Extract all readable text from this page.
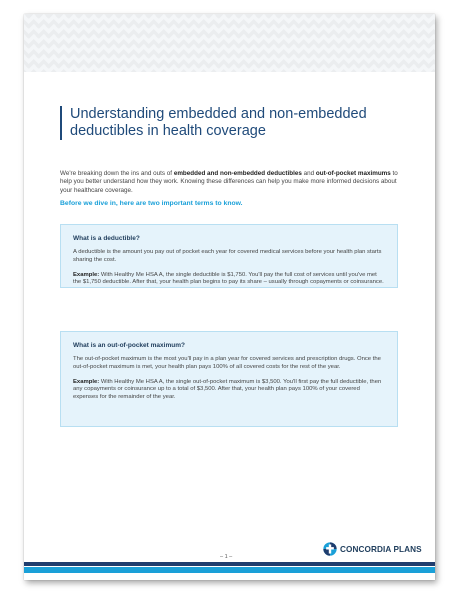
Understanding embedded and non-embedded deductibles in health coverage
We're breaking down the ins and outs of embedded and non-embedded deductibles and out-of-pocket maximums to help you better understand how they work. Knowing these differences can help you make more informed decisions about your healthcare coverage.
Before we dive in, here are two important terms to know.
What is a deductible?

A deductible is the amount you pay out of pocket each year for covered medical services before your health plan starts sharing the cost.

Example: With Healthy Me HSA A, the single deductible is $1,750. You'll pay the full cost of services until you've met the $1,750 deductible. After that, your health plan begins to pay its share – usually through copayments or coinsurance.

What is an out-of-pocket maximum?

The out-of-pocket maximum is the most you'll pay in a plan year for covered services and prescription drugs. Once the out-of-pocket maximum is met, your health plan pays 100% of all covered costs for the rest of the year.

Example: With Healthy Me HSA A, the single out-of-pocket maximum is $3,500. You'll first pay the full deductible, then any copayments or coinsurance up to a total of $3,500. After that, your health plan pays 100% of your covered expenses for the remainder of the year.

– 1 –
CONCORDIA PLANS
